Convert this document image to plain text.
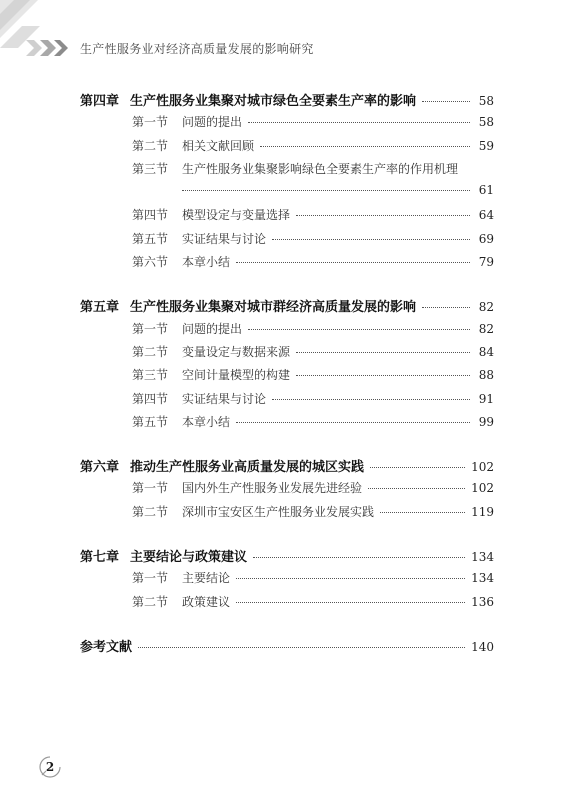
生产性服务业对经济高质量发展的影响研究
第四章 生产性服务业集聚对城市绿色全要素生产率的影响	58
第一节	问题的提出	58
第二节	相关文献回顾	59
第三节	生产性服务业集聚影响绿色全要素生产率的作用机理
61
第四节	模型设定与变量选择	64
第五节	实证结果与讨论	69
第六节	本章小结	79
第五章 生产性服务业集聚对城市群经济高质量发展的影响	82
第一节	问题的提出	82
第二节	变量设定与数据来源	84
第三节	空间计量模型的构建	88
第四节	实证结果与讨论	91
第五节	本章小结	99
第六章 推动生产性服务业高质量发展的城区实践	102
第一节	国内外生产性服务业发展先进经验	102
第二节	深圳市宝安区生产性服务业发展实践	119
第七章 主要结论与政策建议	134
第一节	主要结论	134
第二节	政策建议	136
参考文献	140
2
